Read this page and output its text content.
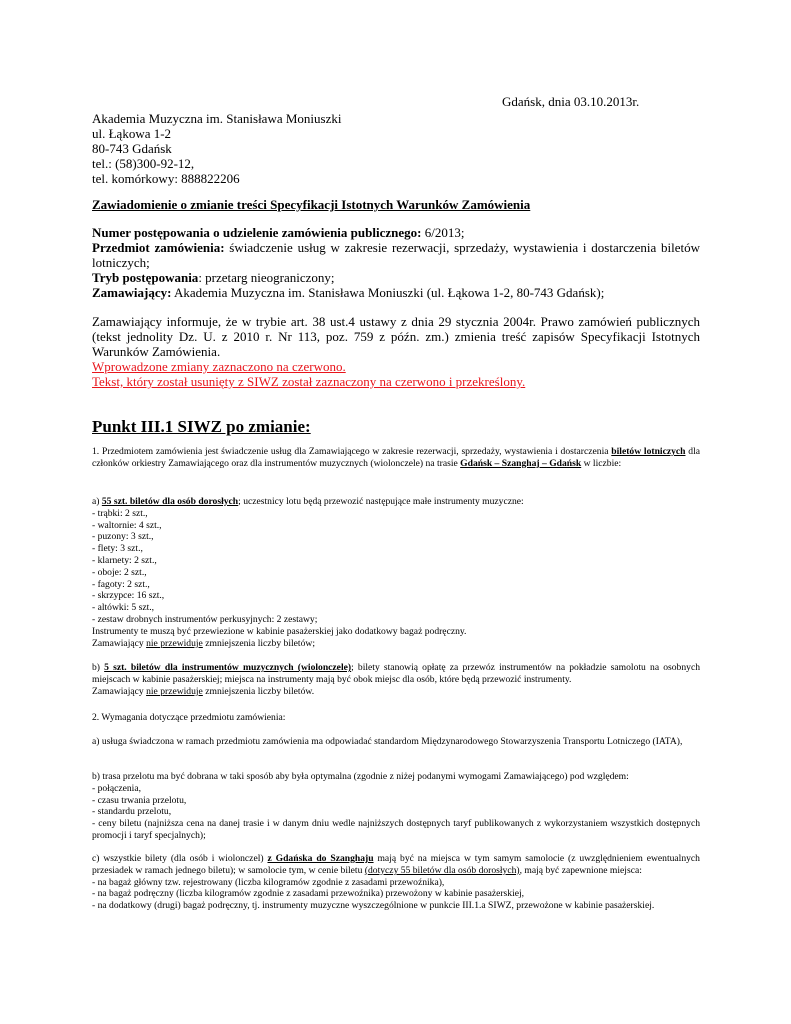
Gdańsk, dnia 03.10.2013r.
Akademia Muzyczna im. Stanisława Moniuszki
ul. Łąkowa 1-2
80-743 Gdańsk
tel.: (58)300-92-12,
tel. komórkowy: 888822206
Zawiadomienie o zmianie treści Specyfikacji Istotnych Warunków Zamówienia

Numer postępowania o udzielenie zamówienia publicznego: 6/2013;

Przedmiot zamówienia: świadczenie usług w zakresie rezerwacji, sprzedaży, wystawienia i dostarczenia biletów lotniczych;

Tryb postępowania: przetarg nieograniczony;

Zamawiający: Akademia Muzyczna im. Stanisława Moniuszki (ul. Łąkowa 1-2, 80-743 Gdańsk);

Zamawiający informuje, że w trybie art. 38 ust.4 ustawy z dnia 29 stycznia 2004r. Prawo zamówień publicznych (tekst jednolity Dz. U. z 2010 r. Nr 113, poz. 759 z późn. zm.) zmienia treść zapisów Specyfikacji Istotnych Warunków Zamówienia.

Wprowadzone zmiany zaznaczono na czerwono.

Tekst, który został usunięty z SIWZ został zaznaczony na czerwono i przekreślony.

Punkt III.1 SIWZ po zmianie:

1. Przedmiotem zamówienia jest świadczenie usług dla Zamawiającego w zakresie rezerwacji, sprzedaży, wystawienia i dostarczenia biletów lotniczych dla członków orkiestry Zamawiającego oraz dla instrumentów muzycznych (wiolonczele) na trasie Gdańsk – Szanghaj – Gdańsk w liczbie:

a) 55 szt. biletów dla osób dorosłych; uczestnicy lotu będą przewozić następujące małe instrumenty muzyczne:
- trąbki: 2 szt.,
- waltornie: 4 szt.,
- puzony: 3 szt.,
- flety: 3 szt.,
- klarnety: 2 szt.,
- oboje: 2 szt.,
- fagoty: 2 szt.,
- skrzypce: 16 szt.,
- altówki: 5 szt.,
- zestaw drobnych instrumentów perkusyjnych: 2 zestawy;
Instrumenty te muszą być przewiezione w kabinie pasażerskiej jako dodatkowy bagaż podręczny.
Zamawiający nie przewiduje zmniejszenia liczby biletów;

b) 5 szt. biletów dla instrumentów muzycznych (wiolonczele); bilety stanowią opłatę za przewóz instrumentów na pokładzie samolotu na osobnych miejscach w kabinie pasażerskiej; miejsca na instrumenty mają być obok miejsc dla osób, które będą przewozić instrumenty.

Zamawiający nie przewiduje zmniejszenia liczby biletów.
2. Wymagania dotyczące przedmiotu zamówienia:

a) usługa świadczona w ramach przedmiotu zamówienia ma odpowiadać standardom Międzynarodowego Stowarzyszenia Transportu Lotniczego (IATA),

b) trasa przelotu ma być dobrana w taki sposób aby była optymalna (zgodnie z niżej podanymi wymogami Zamawiającego) pod względem:
- połączenia,
- czasu trwania przelotu,
- standardu przelotu,

- ceny biletu (najniższa cena na danej trasie i w danym dniu wedle najniższych dostępnych taryf publikowanych z wykorzystaniem wszystkich dostępnych promocji i taryf specjalnych);

c) wszystkie bilety (dla osób i wiolonczel) z Gdańska do Szanghaju mają być na miejsca w tym samym samolocie (z uwzględnieniem ewentualnych przesiadek w ramach jednego biletu); w samolocie tym, w cenie biletu (dotyczy 55 biletów dla osób dorosłych), mają być zapewnione miejsca:

- na bagaż główny tzw. rejestrowany (liczba kilogramów zgodnie z zasadami przewoźnika),
- na bagaż podręczny (liczba kilogramów zgodnie z zasadami przewoźnika) przewożony w kabinie pasażerskiej,
- na dodatkowy (drugi) bagaż podręczny, tj. instrumenty muzyczne wyszczególnione w punkcie III.1.a SIWZ, przewożone w kabinie pasażerskiej.
